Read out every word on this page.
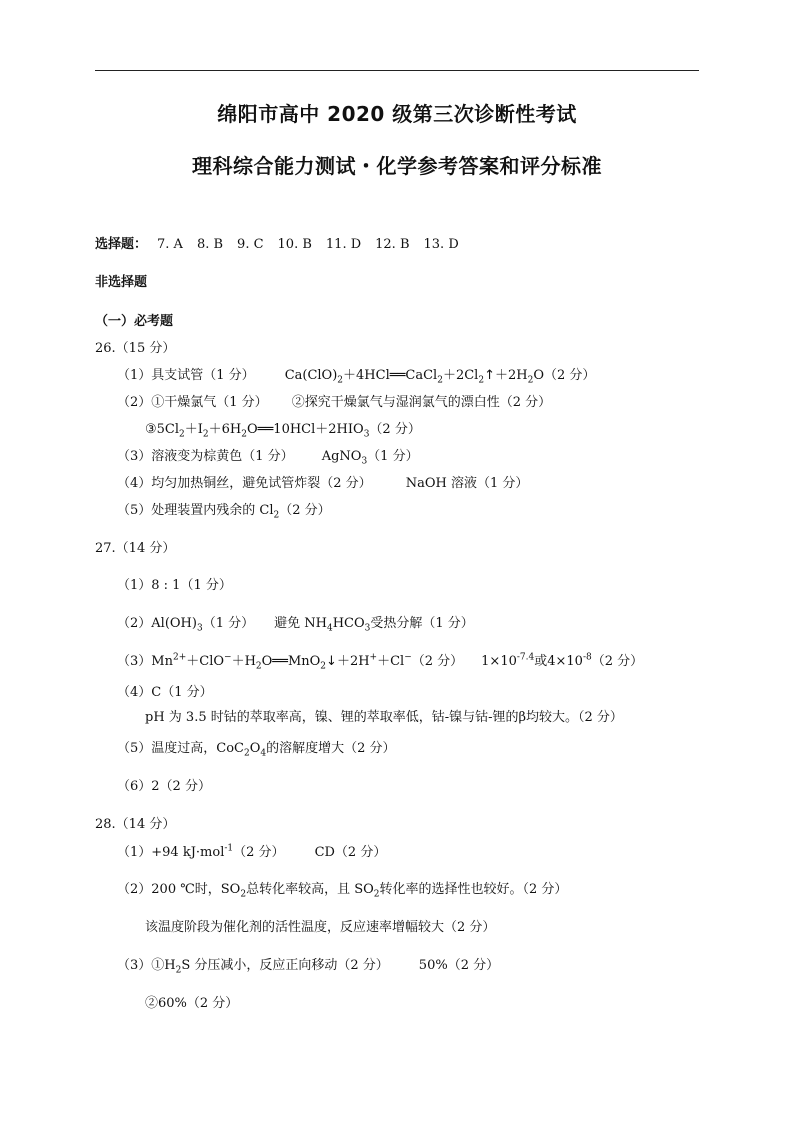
绵阳市高中 2020 级第三次诊断性考试
理科综合能力测试・化学参考答案和评分标准
选择题： 7. A 8. B 9. C 10. B 11. D 12. B 13. D
非选择题
（一）必考题
26.（15 分）
（1）具支试管（1 分） $Ca(ClO)_2+4HCl══CaCl_2+2Cl_2↑+2H_2O(2$ 分）
（2）①干燥氯气（1 分） ②探究干燥氯气与湿润氯气的漂白性（2 分）
$③5Cl_2+I_2+6H_2O══10HCl+2HIO_3(2$ 分）
（3）溶液变为棕黄色（1 分） AgNO$_3$（1 分）
（4）均匀加热铜丝，避免试管炸裂（2 分）	NaOH 溶液（1 分）
（5）处理装置内残余的 $Cl_2(2$ 分）
27.（14 分）
（1）8 : 1（1 分）
$(2)Al(OH)_3(1$ 分） 避免 $NH_4HCO_3$受热分解（1 分）
$(3)Mn^{2+}+ClO^-+H_2O══MnO_2↓+2H^++Cl^-(2$ 分） $1\times 10^{-7.4}$或$4\times 10^{-8}(2$ 分）
（4）C（1 分）
pH 为 3.5 时钴的萃取率高，镍、锂的萃取率低，钴-镍与钴-锂的β均较大。（2 分）
（5）温度过高，$CoC_2O_4$的溶解度增大（2 分）
（6）2（2 分）
28.（14 分）
（1）+94 kJ·mol$^{-1}$（2 分） CD（2 分）
（2）200 ℃时，$SO_2$总转化率较高，且 $SO_2$转化率的选择性也较好。（2 分）
该温度阶段为催化剂的活性温度，反应速率增幅较大（2 分）
$(3)①H_2S$ 分压减小，反应正向移动（2 分） 50%（2 分）
②60%（2 分）
